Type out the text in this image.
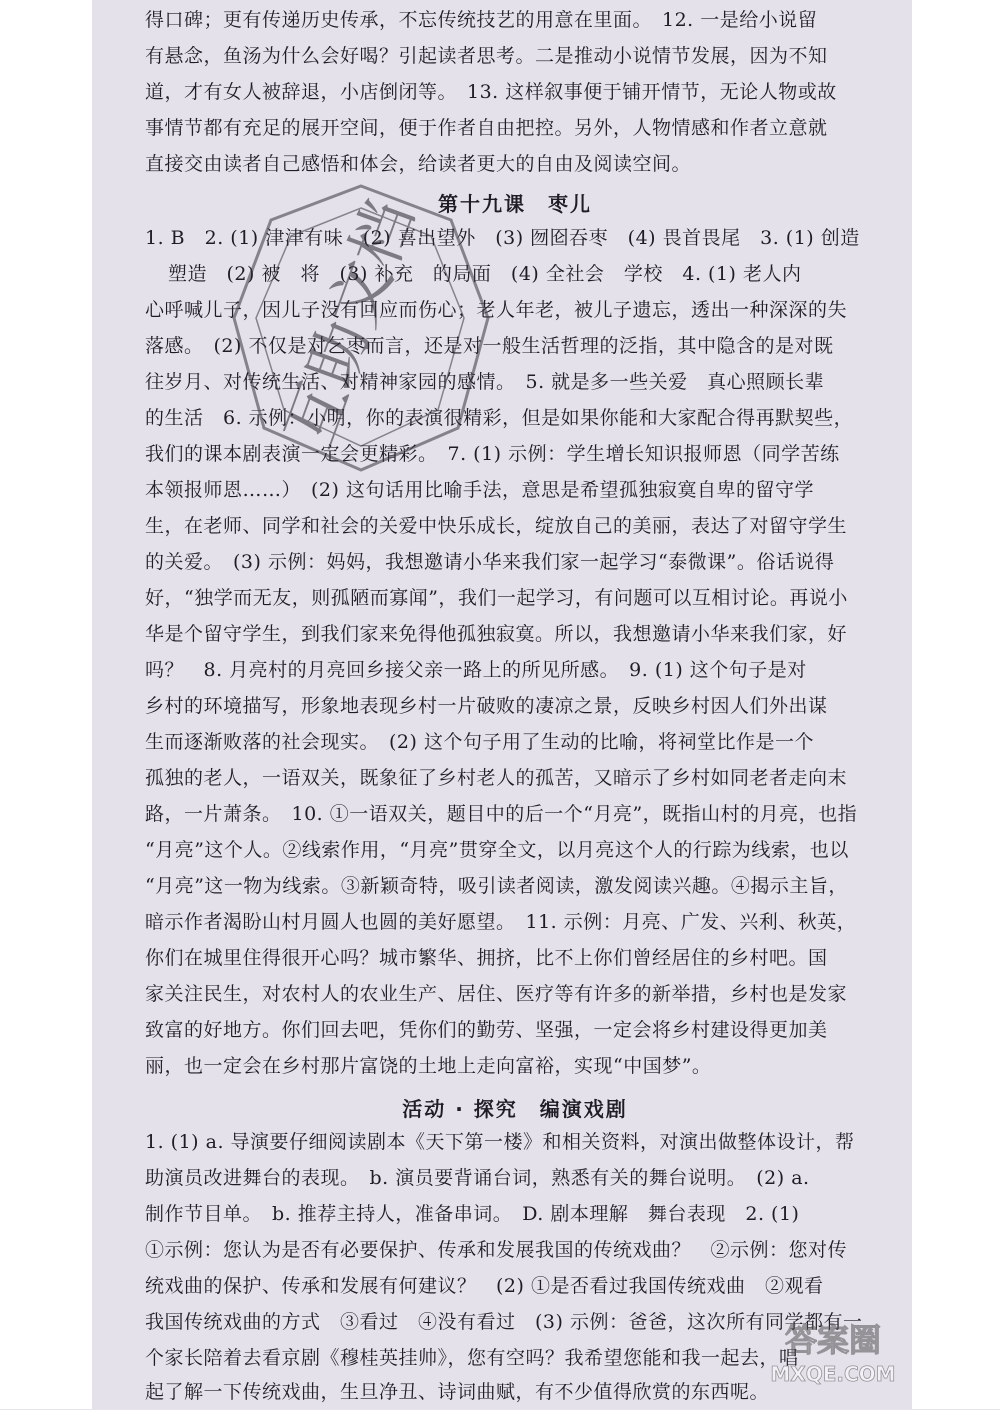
得口碑；更有传递历史传承，不忘传统技艺的用意在里面。　12. 一是给小说留
有悬念，鱼汤为什么会好喝？引起读者思考。二是推动小说情节发展，因为不知
道，才有女人被辞退，小店倒闭等。　13. 这样叙事便于铺开情节，无论人物或故
事情节都有充足的展开空间，便于作者自由把控。另外，人物情感和作者立意就
直接交由读者自己感悟和体会，给读者更大的自由及阅读空间。
第十九课　枣儿
1. B　2. (1) 津津有味　(2) 喜出望外　(3) 囫囵吞枣　(4) 畏首畏尾　3. (1) 创造
塑造　(2) 被　将　(3) 补充　的局面　(4) 全社会　学校　4. (1) 老人内
心呼喊儿子，因儿子没有回应而伤心；老人年老，被儿子遗忘，透出一种深深的失
落感。　(2) 不仅是对乞枣而言，还是对一般生活哲理的泛指，其中隐含的是对既
往岁月、对传统生活、对精神家园的感情。　5. 就是多一些关爱　真心照顾长辈
的生活　6. 示例：小明，你的表演很精彩，但是如果你能和大家配合得再默契些，
我们的课本剧表演一定会更精彩。　7. (1) 示例：学生增长知识报师恩（同学苦练
本领报师恩……）　(2) 这句话用比喻手法，意思是希望孤独寂寞自卑的留守学
生，在老师、同学和社会的关爱中快乐成长，绽放自己的美丽，表达了对留守学生
的关爱。　(3) 示例：妈妈，我想邀请小华来我们家一起学习“泰微课”。俗话说得
好，“独学而无友，则孤陋而寡闻”，我们一起学习，有问题可以互相讨论。再说小
华是个留守学生，到我们家来免得他孤独寂寞。所以，我想邀请小华来我们家，好
吗？　8. 月亮村的月亮回乡接父亲一路上的所见所感。　9. (1) 这个句子是对
乡村的环境描写，形象地表现乡村一片破败的凄凉之景，反映乡村因人们外出谋
生而逐渐败落的社会现实。　(2) 这个句子用了生动的比喻，将祠堂比作是一个
孤独的老人，一语双关，既象征了乡村老人的孤苦，又暗示了乡村如同老者走向末
路，一片萧条。　10. ①一语双关，题目中的后一个“月亮”，既指山村的月亮，也指
“月亮”这个人。②线索作用，“月亮”贯穿全文，以月亮这个人的行踪为线索，也以
“月亮”这一物为线索。③新颖奇特，吸引读者阅读，激发阅读兴趣。④揭示主旨，
暗示作者渴盼山村月圆人也圆的美好愿望。　11. 示例：月亮、广发、兴利、秋英，
你们在城里住得很开心吗？城市繁华、拥挤，比不上你们曾经居住的乡村吧。国
家关注民生，对农村人的农业生产、居住、医疗等有许多的新举措，乡村也是发家
致富的好地方。你们回去吧，凭你们的勤劳、坚强，一定会将乡村建设得更加美
丽，也一定会在乡村那片富饶的土地上走向富裕，实现“中国梦”。
活动 · 探究　编演戏剧
1. (1) a. 导演要仔细阅读剧本《天下第一楼》和相关资料，对演出做整体设计，帮
助演员改进舞台的表现。　b. 演员要背诵台词，熟悉有关的舞台说明。　(2) a.
制作节目单。　b. 推荐主持人，准备串词。　D. 剧本理解　舞台表现　2. (1)
①示例：您认为是否有必要保护、传承和发展我国的传统戏曲？　②示例：您对传
统戏曲的保护、传承和发展有何建议？　(2) ①是否看过我国传统戏曲　②观看
我国传统戏曲的方式　③看过　④没有看过　(3) 示例：爸爸，这次所有同学都有一
个家长陪着去看京剧《穆桂英挂帅》，您有空吗？我希望您能和我一起去，唱
起了解一下传统戏曲，生旦净丑、诗词曲赋，有不少值得欣赏的东西呢。
互助文档
答案圈
MXQE.COM
